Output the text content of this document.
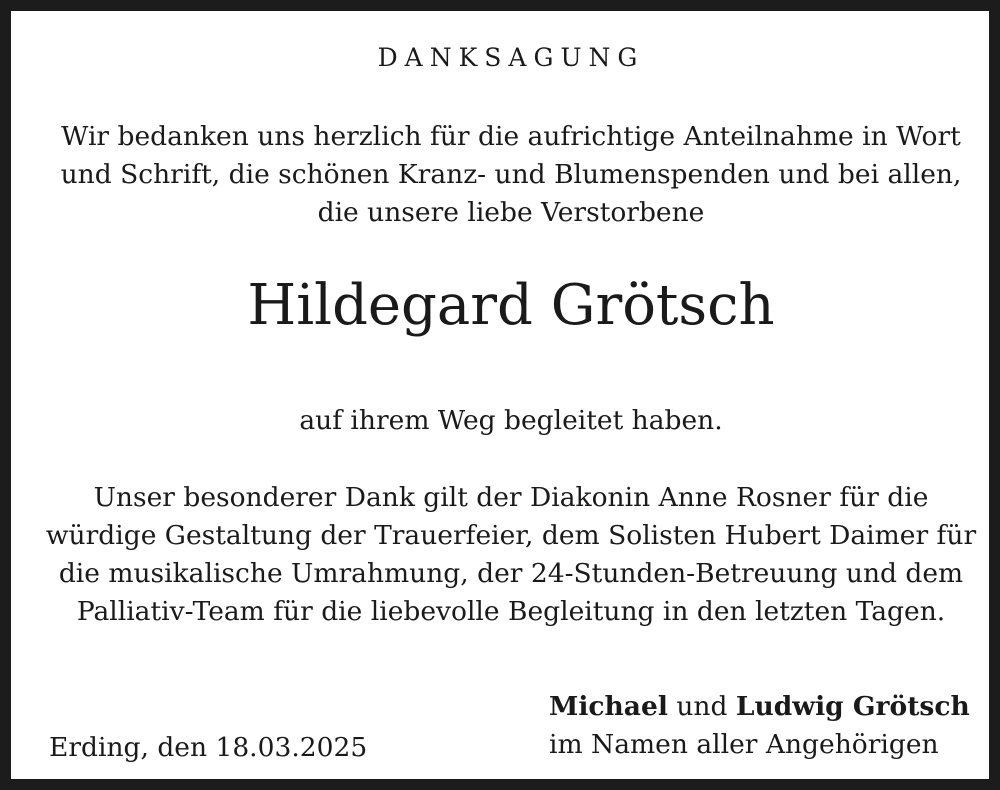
DANKSAGUNG
Wir bedanken uns herzlich für die aufrichtige Anteilnahme in Wort
und Schrift, die schönen Kranz- und Blumenspenden und bei allen,
die unsere liebe Verstorbene
Hildegard Grötsch
auf ihrem Weg begleitet haben.
Unser besonderer Dank gilt der Diakonin Anne Rosner für die
würdige Gestaltung der Trauerfeier, dem Solisten Hubert Daimer für
die musikalische Umrahmung, der 24-Stunden-Betreuung und dem
Palliativ-Team für die liebevolle Begleitung in den letzten Tagen.
Erding, den 18.03.2025
Michael und Ludwig Grötsch
im Namen aller Angehörigen
